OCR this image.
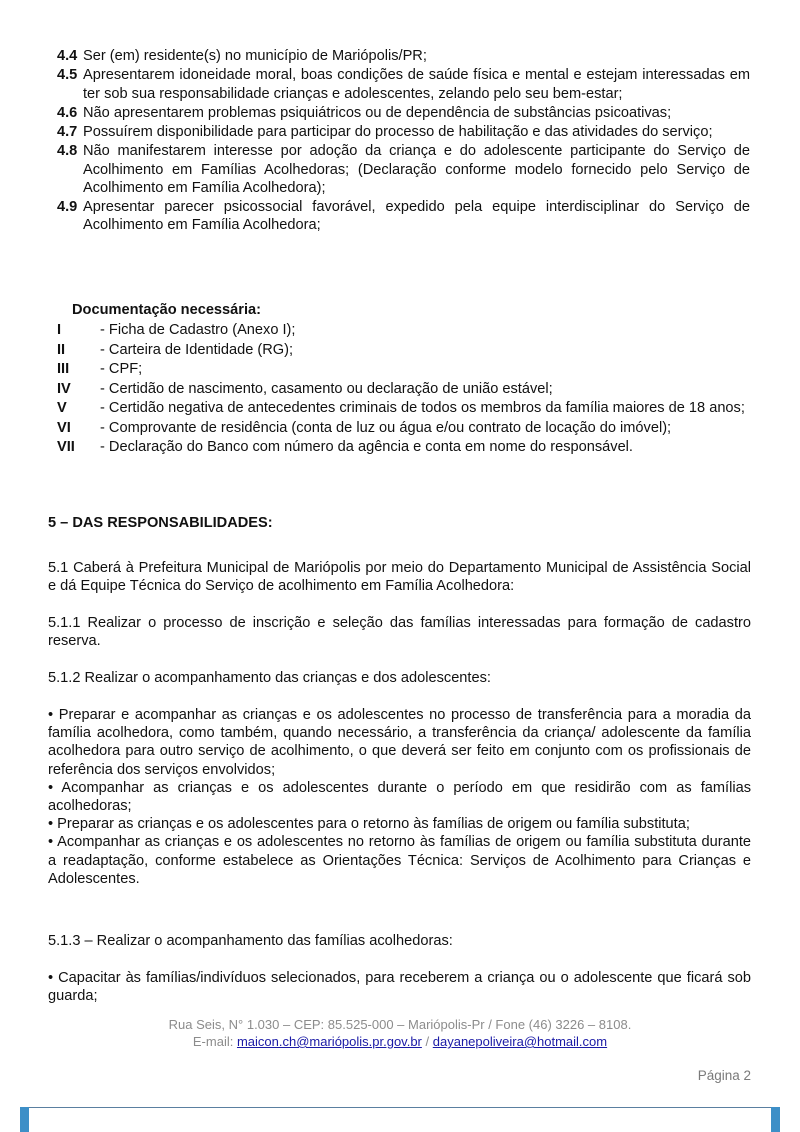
4.4 Ser (em) residente(s) no município de Mariópolis/PR;
4.5 Apresentarem idoneidade moral, boas condições de saúde física e mental e estejam interessadas em ter sob sua responsabilidade crianças e adolescentes, zelando pelo seu bem-estar;
4.6 Não apresentarem problemas psiquiátricos ou de dependência de substâncias psicoativas;
4.7 Possuírem disponibilidade para participar do processo de habilitação e das atividades do serviço;
4.8 Não manifestarem interesse por adoção da criança e do adolescente participante do Serviço de Acolhimento em Famílias Acolhedoras; (Declaração conforme modelo fornecido pelo Serviço de Acolhimento em Família Acolhedora);
4.9 Apresentar parecer psicossocial favorável, expedido pela equipe interdisciplinar do Serviço de Acolhimento em Família Acolhedora;
Documentação necessária:
I	- Ficha de Cadastro (Anexo I);
II	- Carteira de Identidade (RG);
III	- CPF;
IV	- Certidão de nascimento, casamento ou declaração de união estável;
V	- Certidão negativa de antecedentes criminais de todos os membros da família maiores de 18 anos;
VI	- Comprovante de residência (conta de luz ou água e/ou contrato de locação do imóvel);
VII	- Declaração do Banco com número da agência e conta em nome do responsável.
5 – DAS RESPONSABILIDADES:
5.1 Caberá à Prefeitura Municipal de Mariópolis por meio do Departamento Municipal de Assistência Social e dá Equipe Técnica do Serviço de acolhimento em Família Acolhedora:
5.1.1 Realizar o processo de inscrição e seleção das famílias interessadas para formação de cadastro reserva.
5.1.2 Realizar o acompanhamento das crianças e dos adolescentes:

• Preparar e acompanhar as crianças e os adolescentes no processo de transferência para a moradia da família acolhedora, como também, quando necessário, a transferência da criança/ adolescente da família acolhedora para outro serviço de acolhimento, o que deverá ser feito em conjunto com os profissionais de referência dos serviços envolvidos;

• Acompanhar as crianças e os adolescentes durante o período em que residirão com as famílias acolhedoras;

• Preparar as crianças e os adolescentes para o retorno às famílias de origem ou família substituta;

• Acompanhar as crianças e os adolescentes no retorno às famílias de origem ou família substituta durante a readaptação, conforme estabelece as Orientações Técnica: Serviços de Acolhimento para Crianças e Adolescentes.

5.1.3 – Realizar o acompanhamento das famílias acolhedoras:

• Capacitar às famílias/indivíduos selecionados, para receberem a criança ou o adolescente que ficará sob guarda;

Rua Seis, N° 1.030 – CEP: 85.525-000 – Mariópolis-Pr / Fone (46) 3226 – 8108.
E-mail: maicon.ch@mariópolis.pr.gov.br / dayanepoliveira@hotmail.com
Página 2
